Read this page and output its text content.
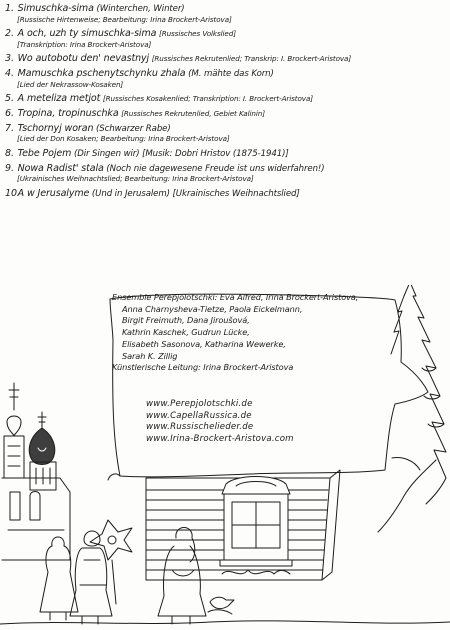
1. Simuschka-sima (Winterchen, Winter)
[Russische Hirtenweise; Bearbeitung: Irina Brockert-Aristova]
2. A och, uzh ty simuschka-sima [Russisches Volkslied]
[Transkription: Irina Brockert-Aristova]
3. Wo autobotu den' nevastnyj [Russisches Rekrutenlied; Transkrip: I. Brockert-Aristova]
4. Mamuschka pschenytschynku zhala (M. mähte das Korn)
[Lied der Nekrassow-Kosaken]
5. A meteliza metjot [Russisches Kosakenlied; Transkription: I. Brockert-Aristova]
6. Tropina, tropinuschka [Russisches Rekrutenlied, Gebiet Kalinin]
7. Tschornyj woran (Schwarzer Rabe)
[Lied der Don Kosaken; Bearbeitung: Irina Brockert-Aristova]
8. Tebe Pojem (Dir Singen wir) [Musik: Dobri Hristov (1875-1941)]
9. Nowa Radist' stala (Noch nie dagewesene Freude ist uns widerfahren!)
[Ukrainisches Weihnachtslied; Bearbeitung: Irina Brockert-Aristova]
10. A w Jerusalyme (Und in Jerusalem) [Ukrainisches Weihnachtslied]
Ensemble Perepjolotschki: Eva Alfred, Irina Brockert-Aristova,
Anna Charnysheva-Tietze, Paola Eickelmann,
Birgit Freimuth, Dana Jiroušová,
Kathrin Kaschek, Gudrun Lücke,
Elisabeth Sasonova, Katharina Wewerke,
Sarah K. Zillig
Künstlerische Leitung: Irina Brockert-Aristova
www.Perepjolotschki.de
www.CapellaRussica.de
www.Russischelieder.de
www.Irina-Brockert-Aristova.com
